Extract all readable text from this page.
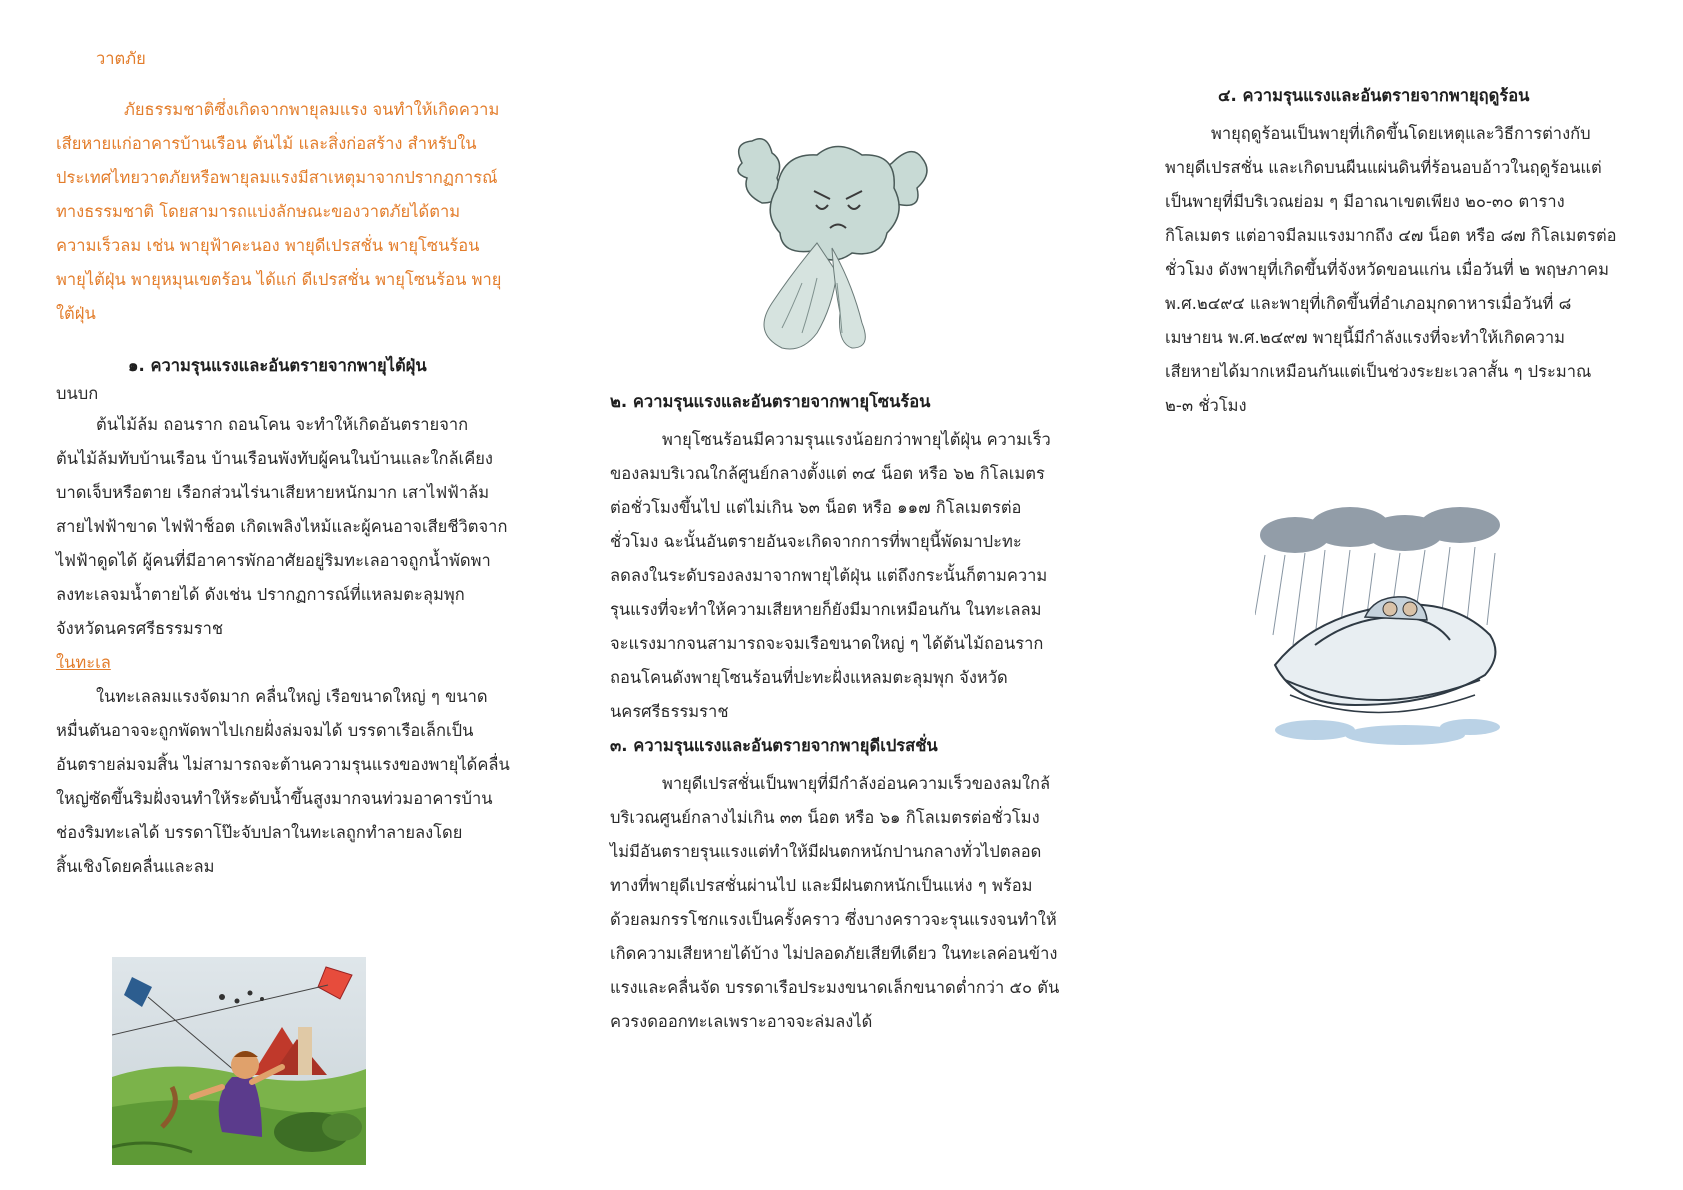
วาตภัย
ภัยธรรมชาติซึ่งเกิดจากพายุลมแรง จนทำให้เกิดความ
เสียหายแก่อาคารบ้านเรือน ต้นไม้ และสิ่งก่อสร้าง สำหรับใน
ประเทศไทยวาตภัยหรือพายุลมแรงมีสาเหตุมาจากปรากฏการณ์
ทางธรรมชาติ โดยสามารถแบ่งลักษณะของวาตภัยได้ตาม
ความเร็วลม เช่น พายุฟ้าคะนอง พายุดีเปรสชั่น พายุโซนร้อน
พายุไต้ฝุ่น พายุหมุนเขตร้อน ได้แก่ ดีเปรสชั่น พายุโซนร้อน พายุ
ใต้ฝุ่น
๑. ความรุนแรงและอันตรายจากพายุไต้ฝุ่น
บนบก
ต้นไม้ล้ม ถอนราก ถอนโคน จะทำให้เกิดอันตรายจาก
ต้นไม้ล้มทับบ้านเรือน บ้านเรือนพังทับผู้คนในบ้านและใกล้เคียง
บาดเจ็บหรือตาย เรือกส่วนไร่นาเสียหายหนักมาก เสาไฟฟ้าล้ม
สายไฟฟ้าขาด ไฟฟ้าช็อต เกิดเพลิงไหม้และผู้คนอาจเสียชีวิตจาก
ไฟฟ้าดูดได้ ผู้คนที่มีอาคารพักอาศัยอยู่ริมทะเลอาจถูกน้ำพัดพา
ลงทะเลจมน้ำตายได้ ดังเช่น ปรากฏการณ์ที่แหลมตะลุมพุก
จังหวัดนครศรีธรรมราช
ในทะเล
ในทะเลลมแรงจัดมาก คลื่นใหญ่ เรือขนาดใหญ่ ๆ ขนาด
หมื่นตันอาจจะถูกพัดพาไปเกยฝั่งล่มจมได้ บรรดาเรือเล็กเป็น
อันตรายล่มจมสิ้น ไม่สามารถจะต้านความรุนแรงของพายุได้คลื่น
ใหญ่ซัดขึ้นริมฝั่งจนทำให้ระดับน้ำขึ้นสูงมากจนท่วมอาคารบ้าน
ช่องริมทะเลได้ บรรดาโป๊ะจับปลาในทะเลถูกทำลายลงโดย
สิ้นเชิงโดยคลื่นและลม
๒. ความรุนแรงและอันตรายจากพายุโซนร้อน
พายุโซนร้อนมีความรุนแรงน้อยกว่าพายุไต้ฝุ่น ความเร็ว
ของลมบริเวณใกล้ศูนย์กลางตั้งแต่ ๓๔ น็อต หรือ ๖๒ กิโลเมตร
ต่อชั่วโมงขึ้นไป แต่ไม่เกิน ๖๓ น็อต หรือ ๑๑๗ กิโลเมตรต่อ
ชั่วโมง ฉะนั้นอันตรายอันจะเกิดจากการที่พายุนี้พัดมาปะทะ
ลดลงในระดับรองลงมาจากพายุไต้ฝุ่น แต่ถึงกระนั้นก็ตามความ
รุนแรงที่จะทำให้ความเสียหายก็ยังมีมากเหมือนกัน ในทะเลลม
จะแรงมากจนสามารถจะจมเรือขนาดใหญ่ ๆ ได้ต้นไม้ถอนราก
ถอนโคนดังพายุโซนร้อนที่ปะทะฝั่งแหลมตะลุมพุก จังหวัด
นครศรีธรรมราช
๓. ความรุนแรงและอันตรายจากพายุดีเปรสชั่น
พายุดีเปรสชั่นเป็นพายุที่มีกำลังอ่อนความเร็วของลมใกล้
บริเวณศูนย์กลางไม่เกิน ๓๓ น็อต หรือ ๖๑ กิโลเมตรต่อชั่วโมง
ไม่มีอันตรายรุนแรงแต่ทำให้มีฝนตกหนักปานกลางทั่วไปตลอด
ทางที่พายุดีเปรสชั่นผ่านไป และมีฝนตกหนักเป็นแห่ง ๆ พร้อม
ด้วยลมกรรโชกแรงเป็นครั้งคราว ซึ่งบางคราวจะรุนแรงจนทำให้
เกิดความเสียหายได้บ้าง ไม่ปลอดภัยเสียทีเดียว ในทะเลค่อนข้าง
แรงและคลื่นจัด บรรดาเรือประมงขนาดเล็กขนาดต่ำกว่า ๕๐ ตัน
ควรงดออกทะเลเพราะอาจจะล่มลงได้
๔. ความรุนแรงและอันตรายจากพายุฤดูร้อน
พายุฤดูร้อนเป็นพายุที่เกิดขึ้นโดยเหตุและวิธีการต่างกับ
พายุดีเปรสชั่น และเกิดบนผืนแผ่นดินที่ร้อนอบอ้าวในฤดูร้อนแต่
เป็นพายุที่มีบริเวณย่อม ๆ มีอาณาเขตเพียง ๒๐-๓๐ ตาราง
กิโลเมตร แต่อาจมีลมแรงมากถึง ๔๗ น็อต หรือ ๘๗ กิโลเมตรต่อ
ชั่วโมง ดังพายุที่เกิดขึ้นที่จังหวัดขอนแก่น เมื่อวันที่ ๒ พฤษภาคม
พ.ศ.๒๔๙๔ และพายุที่เกิดขึ้นที่อำเภอมุกดาหารเมื่อวันที่ ๘
เมษายน พ.ศ.๒๔๙๗ พายุนี้มีกำลังแรงที่จะทำให้เกิดความ
เสียหายได้มากเหมือนกันแต่เป็นช่วงระยะเวลาสั้น ๆ ประมาณ
๒-๓ ชั่วโมง
